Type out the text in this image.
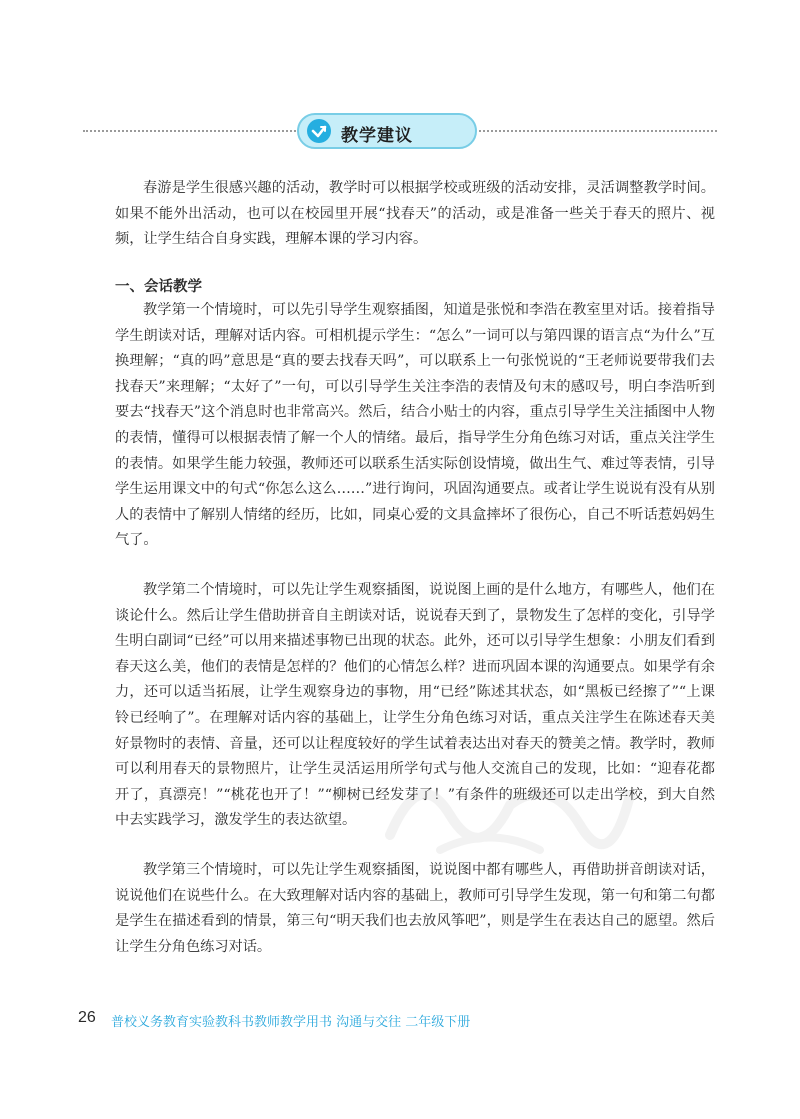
教学建议

春游是学生很感兴趣的活动，教学时可以根据学校或班级的活动安排，灵活调整教学时间。如果不能外出活动，也可以在校园里开展“找春天”的活动，或是准备一些关于春天的照片、视频，让学生结合自身实践，理解本课的学习内容。

一、会话教学

教学第一个情境时，可以先引导学生观察插图，知道是张悦和李浩在教室里对话。接着指导学生朗读对话，理解对话内容。可相机提示学生：“怎么”一词可以与第四课的语言点“为什么”互换理解；“真的吗”意思是“真的要去找春天吗”，可以联系上一句张悦说的“王老师说要带我们去找春天”来理解；“太好了”一句，可以引导学生关注李浩的表情及句末的感叹号，明白李浩听到要去“找春天”这个消息时也非常高兴。然后，结合小贴士的内容，重点引导学生关注插图中人物的表情，懂得可以根据表情了解一个人的情绪。最后，指导学生分角色练习对话，重点关注学生的表情。如果学生能力较强，教师还可以联系生活实际创设情境，做出生气、难过等表情，引导学生运用课文中的句式“你怎么这么……”进行询问，巩固沟通要点。或者让学生说说有没有从别人的表情中了解别人情绪的经历，比如，同桌心爱的文具盒摔坏了很伤心，自己不听话惹妈妈生气了。

教学第二个情境时，可以先让学生观察插图，说说图上画的是什么地方，有哪些人，他们在谈论什么。然后让学生借助拼音自主朗读对话，说说春天到了，景物发生了怎样的变化，引导学生明白副词“已经”可以用来描述事物已出现的状态。此外，还可以引导学生想象：小朋友们看到春天这么美，他们的表情是怎样的？他们的心情怎么样？进而巩固本课的沟通要点。如果学有余力，还可以适当拓展，让学生观察身边的事物，用“已经”陈述其状态，如“黑板已经擦了”“上课铃已经响了”。在理解对话内容的基础上，让学生分角色练习对话，重点关注学生在陈述春天美好景物时的表情、音量，还可以让程度较好的学生试着表达出对春天的赞美之情。教学时，教师可以利用春天的景物照片，让学生灵活运用所学句式与他人交流自己的发现，比如：“迎春花都开了，真漂亮！”“桃花也开了！”“柳树已经发芽了！”有条件的班级还可以走出学校，到大自然中去实践学习，激发学生的表达欲望。

教学第三个情境时，可以先让学生观察插图，说说图中都有哪些人，再借助拼音朗读对话，说说他们在说些什么。在大致理解对话内容的基础上，教师可引导学生发现，第一句和第二句都是学生在描述看到的情景，第三句“明天我们也去放风筝吧”，则是学生在表达自己的愿望。然后让学生分角色练习对话。

26 普校义务教育实验教科书教师教学用书 沟通与交往 二年级下册
